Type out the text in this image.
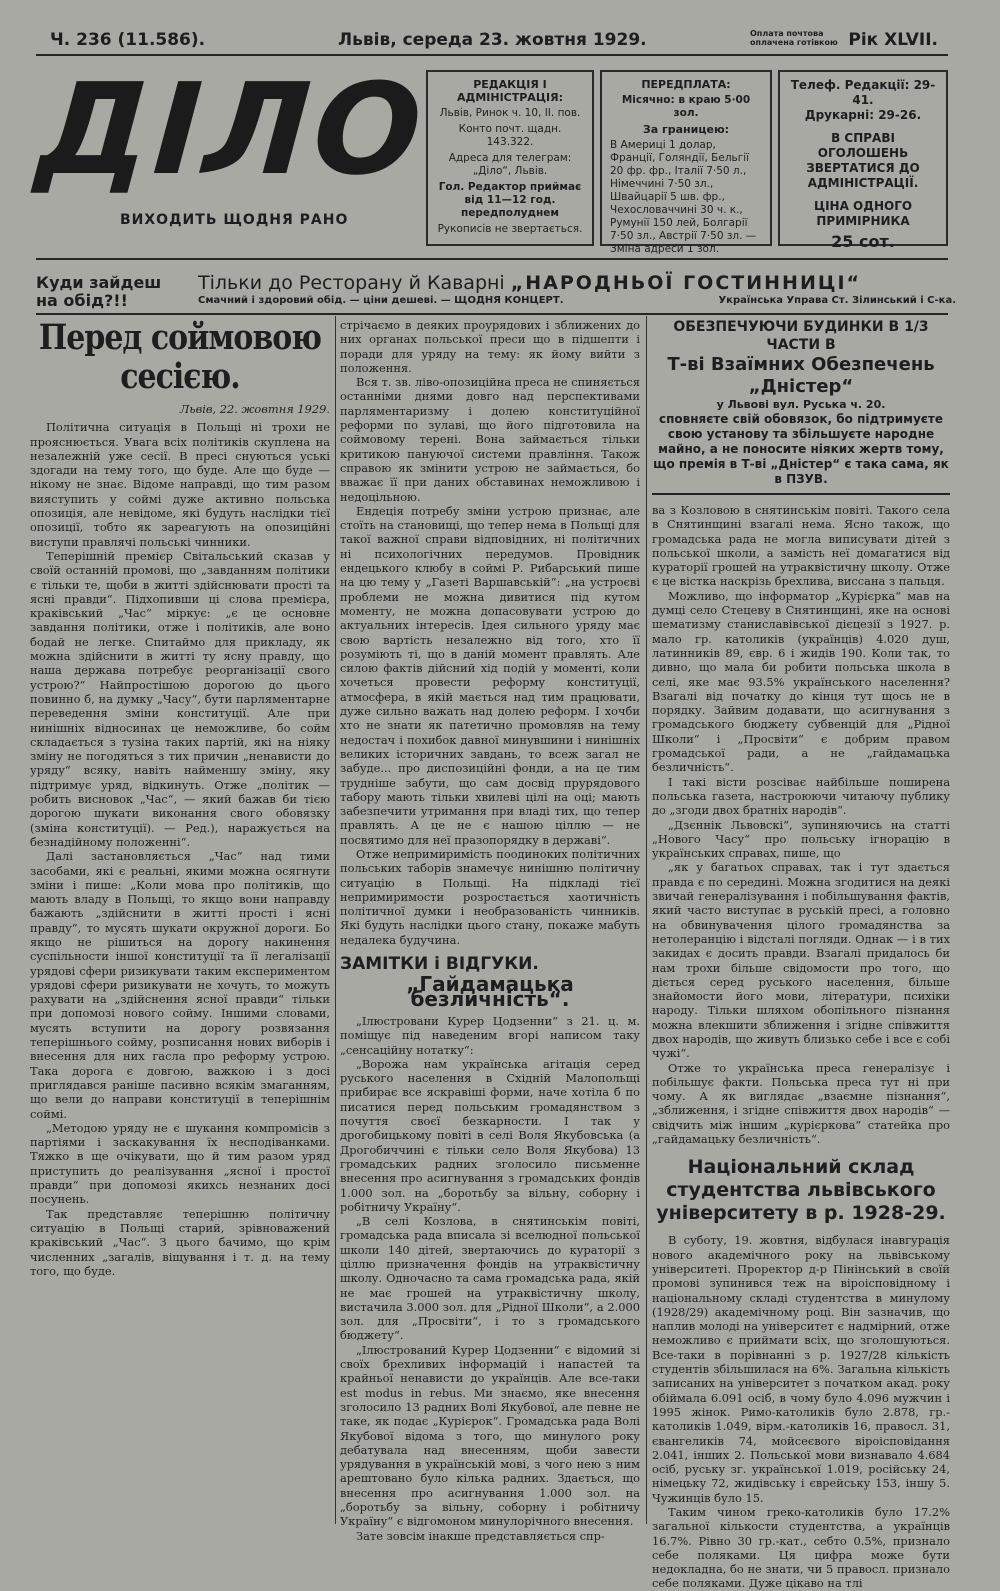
Ч. 236 (11.586).	Львів, середа 23. жовтня 1929.	Оплата почтова оплачена готівкою Рік XLVII.
ДІЛО
ВИХОДИТЬ ЩОДНЯ РАНО
РЕДАКЦІЯ І АДМІНІСТРАЦІЯ:

Львів, Ринок ч. 10, II. пов.

Конто почт. щадн. 143.322.

Адреса для телеграм: „Діло“, Львів.

Гол. Редактор приймає від 11—12 год. передполуднем

Рукописів не звертається.

ПЕРЕДПЛАТА:

Місячно: в краю 5·00 зол.

За границею:

В Америці 1 долар, Франції, Голяндії, Бельгії 20 фр. фр., Італії 7·50 л., Німеччині 7·50 зл., Швайцарії 5 шв. фр., Чехословаччині 30 ч. к., Румунії 150 лей, Болгарії 7·50 зл., Австрії 7·50 зл. — Зміна адреси 1 зол.

Телеф. Редакції: 29-41.
Друкарні: 29-26.
В СПРАВІ ОГОЛОШЕНЬ ЗВЕРТАТИСЯ ДО АДМІНІСТРАЦІЇ.
ЦІНА ОДНОГО ПРИМІРНИКА
25 сот.
Куди зайдеш на обід?!!
Тільки до Ресторану й Каварні „НАРОДНЬОЇ ГОСТИННИЦІ“
Смачний і здоровий обід. — ціни дешеві. — ЩОДНЯ КОНЦЕРТ.	Українська Управа Ст. Зілинський і С-ка.
Перед соймовою сесією.
Львів, 22. жовтня 1929.

Політична ситуація в Польщі ні трохи не прояснюється. Увага всіх політиків скуплена на незалежній уже сесії. В пресі снуються уські здогади на тему того, що буде. Але що буде — нікому не знає. Відоме направді, що тим разом вияступить у соймі дуже активно польська опозиція, але невідоме, які будуть наслідки тієї опозиції, тобто як зареагують на опозиційні виступи правлячі польські чинники.

Теперішній премієр Світальський сказав у своїй останній промові, що „завданням політики є тільки те, щоби в житті здійснювати прості та ясні правди“. Підхопивши ці слова премієра, краківський „Час“ міркує: „є це основне завдання політики, отже і політиків, але воно бодай не легке. Спитаймо для прикладу, як можна здійснити в житті ту ясну правду, що наша держава потребує реорганізації свого устрою?“ Найпростішою дорогою до цього повинно б, на думку „Часу“, бути парляментарне переведення зміни конституції. Але при нинішніх відносинах це неможливе, бо сойм складається з тузіна таких партій, які на ніяку зміну не погодяться з тих причин „ненависти до уряду“ всяку, навіть найменшу зміну, яку підтримує уряд, відкинуть. Отже „політик — робить висновок „Час“, — який бажав би тією дорогою шукати виконання свого обовязку (зміна конституції). — Ред.), наражується на безнадійному положенні“.

Далі застановляється „Час“ над тими засобами, які є реальні, якими можна осягнути зміни і пише: „Коли мова про політиків, що мають владу в Польщі, то якщо вони направду бажають „здійснити в житті прості і ясні правду“, то мусять шукати окружної дороги. Бо якщо не рішиться на дорогу накинення суспільности іншої конституції та її легалізації урядові сфери ризикувати таким експериментом урядові сфери ризикувати не хочуть, то можуть рахувати на „здійснення ясної правди“ тільки при допомозі нового сойму. Іншими словами, мусять вступити на дорогу розвязання теперішнього сойму, розписання нових виборів і внесення для них гасла про реформу устрою. Така дорога є довгою, важкою і з досі приглядався раніше пасивно всякім змаганням, що вели до направи конституції в теперішнім соймі.

„Методою уряду не є шукання компромісів з партіями і заскакування їх несподіванками. Тяжко в ще очікувати, що й тим разом уряд приступить до реалізування „ясної і простої правди“ при допомозі якихсь незнаних досі посунень.

Так представляє теперішню політичну ситуацію в Польщі старий, зрівноважений краківський „Час“. З цього бачимо, що крім численних „загалів, віщування і т. д. на тему того, що буде.

стрічаємо в деяких проурядових і зближених до них органах польської преси що в підшепти і поради для уряду на тему: як йому вийти з положення.

Вся т. зв. ліво-опозиційна преса не спиняється останніми днями довго над перспективами парляментаризму і долею конституційної реформи по зулаві, що його підготовила на соймовому терені. Вона займається тільки критикою пануючої системи правління. Також справою як змінити устрою не займається, бо вважає її при даних обставинах неможливою і недоцільною.

Ендеція потребу зміни устрою признає, але стоїть на становищі, що тепер нема в Польщі для такої важної справи відповідних, ні політичних ні психологічних передумов. Провідник ендецького клюбу в соймі Р. Рибарський пише на цю тему у „Газеті Варшавській“: „на устроєві проблеми не можна дивитися під кутом моменту, не можна допасовувати устрою до актуальних інтересів. Ідея сильного уряду має свою вартість незалежно від того, хто її розуміють ті, що в даній момент правлять. Але силою фактів дійсний хід подій у моменті, коли хочеться провести реформу конституції, атмосфера, в якій мається над тим працювати, дуже сильно важать над долею реформ. І хочби хто не знати як патетично промовляв на тему недостач і похибок давної минувшини і нинішніх великих історичних завдань, то всеж загал не забуде... про диспозиційні фонди, а на це тим трудніше забути, що сам досвід прурядового табору мають тільки хвилеві цілі на оці; мають забезпечити утримання при владі тих, що тепер правлять. А це не є нашою ціллю — не посвятимо для неї празопорядку в державі“.

Отже непримиримість поодиноких політичних польських таборів знамечує нинішню політичну ситуацію в Польщі. На підкладі тієї непримиримости розростається хаотичність політичної думки і необразованість чинників. Які будуть наслідки цього стану, покаже мабуть недалека будучина.

ЗАМІТКИ і ВІДГУКИ.
„Гайдамацька безличність“.

„Ілюстровани Курер Цодзенни“ з 21. ц. м. поміщує під наведеним вгорі написом таку „сенсаційну нотатку“:

„Ворожа нам українська агітація серед руського населення в Східній Малопольщі прибирає все яскравіші форми, наче хотіла б по писатися перед польським громадянством з почуття своєї безкарности. І так у дрогобицькому повіті в селі Воля Якубовська (а Дрогобиччині є тільки село Воля Якубова) 13 громадських радних зголосило письменне внесення про асигнування з громадських фондів 1.000 зол. на „боротьбу за вільну, соборну і робітничу Україну“.

„В селі Козлова, в снятинськім повіті, громадська рада вписала зі вселюдної польської школи 140 дітей, звертаючись до кураторії з ціллю призначення фондів на утраквістичну школу. Одночасно та сама громадська рада, якій не має грошей на утраквістичну школу, вистачила 3.000 зол. для „Рідної Школи“, а 2.000 зол. для „Просвіти“, і то з громадського бюджету“.

„Ілюстрований Курер Цодзенни“ є відомий зі своїх брехливих інформацій і напастей та крайньої ненависти до українців. Але все-таки est modus in rebus. Ми знаємо, яке внесення зголосило 13 радних Волі Якубової, але певне не таке, як подає „Курієрок“. Громадська рада Волі Якубової відома з того, що минулого року дебатувала над внесенням, щоби завести урядування в українській мові, з чого нею з ним арештовано було кілька радних. Здається, що внесення про асигнування 1.000 зол. на „боротьбу за вільну, соборну і робітничу Україну“ є відгомоном минулорічного внесення.

Зате зовсім інакше представляється спр-

ОБЕЗПЕЧУЮЧИ БУДИНКИ В 1/3 ЧАСТИ В
Т-ві Взаїмних Обезпечень „Дністер“
у Львові вул. Руська ч. 20.
сповняєте свій обовязок, бо підтримуєте свою установу та збільшуєте народне майно, а не поносите ніяких жертв тому, що премія в Т-ві „Дністер“ є така сама, як в ПЗУВ.

ва з Козловою в снятинськім повіті. Такого села в Снятинщині взагалі нема. Ясно також, що громадська рада не могла виписувати дітей з польської школи, а замість неї домагатися від кураторії грошей на утраквістичну школу. Отже є це вістка наскрізь брехлива, виссана з пальця.

Можливо, що інформатор „Курієрка“ мав на думці село Стецеву в Снятинщині, яке на основі шематизму станиславівської дієцезії з 1927. р. мало гр. католиків (українців) 4.020 душ, латинників 89, євр. 6 і жидів 190. Коли так, то дивно, що мала би робити польська школа в селі, яке має 93.5% українського населення? Взагалі від початку до кінця тут щось не в порядку. Зайвим додавати, що асигнування з громадського бюджету субвенцій для „Рідної Школи“ і „Просвіти“ є добрим правом громадської ради, а не „гайдамацька безличність“.

І такі вісти розсіває найбільше поширена польська газета, настроюючи читаючу публику до „згоди двох братніх народів“.

„Дзєннік Львовскі“, зупиняючись на статті „Нового Часу“ про польську ігнорацію в українських справах, пише, що

„як у багатьох справах, так і тут здається правда є по середині. Можна згодитися на деякі звичай генералізування і побільшування фактів, який часто виступає в руській пресі, а головно на обвинувачення цілого громадянства за нетолеранцію і відсталі погляди. Однак — і в тих закидах є досить правди. Взагалі придалось би нам трохи більше свідомости про того, що діється серед руського населення, більше знайомости його мови, літератури, психіки народу. Тільки шляхом обопільного пізнання можна влекшити зближення і згідне співжиття двох народів, що живуть близько себе і все є собі чужі“.

Отже то українська преса генералізує і побільшує факти. Польська преса тут ні при чому. А як виглядає „взаємне пізнання“, „зближення, і згідне співжиття двох народів“ — свідчить між іншим „курієркова“ статейка про „гайдамацьку безличність“.

Національний склад студентства львівського університету в р. 1928-29.

В суботу, 19. жовтня, відбулася інавгурація нового академічного року на львівському університеті. Проректор д-р Пінінський в своїй промові зупинився теж на віроісповідному і національному складі студентства в минулому (1928/29) академічному році. Він зазначив, що наплив молоді на університет є надмірний, отже неможливо є приймати всіх, що зголошуються. Все-таки в порівнанні з р. 1927/28 кількість студентів збільшилася на 6%. Загальна кількість записаних на університет з початком акад. року обіймала 6.091 осіб, в чому було 4.096 мужчин і 1995 жінок. Римо-католиків було 2.878, гр.-католиків 1.049, вірм.-католиків 16, правосл. 31, євангеликів 74, мойсеєвого віроісповідання 2.041, інших 2. Польської мови визнавало 4.684 осіб, руську зг. української 1.019, російську 24, німецьку 72, жидівську і єврейську 153, іншу 5. Чужинців було 15.

Таким чином греко-католиків було 17.2% загальної кількости студентства, а українців 16.7%. Рівно 30 гр.-кат., себто 0.5%, признало себе поляками. Ця цифра може бути недокладна, бо не знати, чи 5 правосл. признало себе поляками. Дуже цікаво на тлі
